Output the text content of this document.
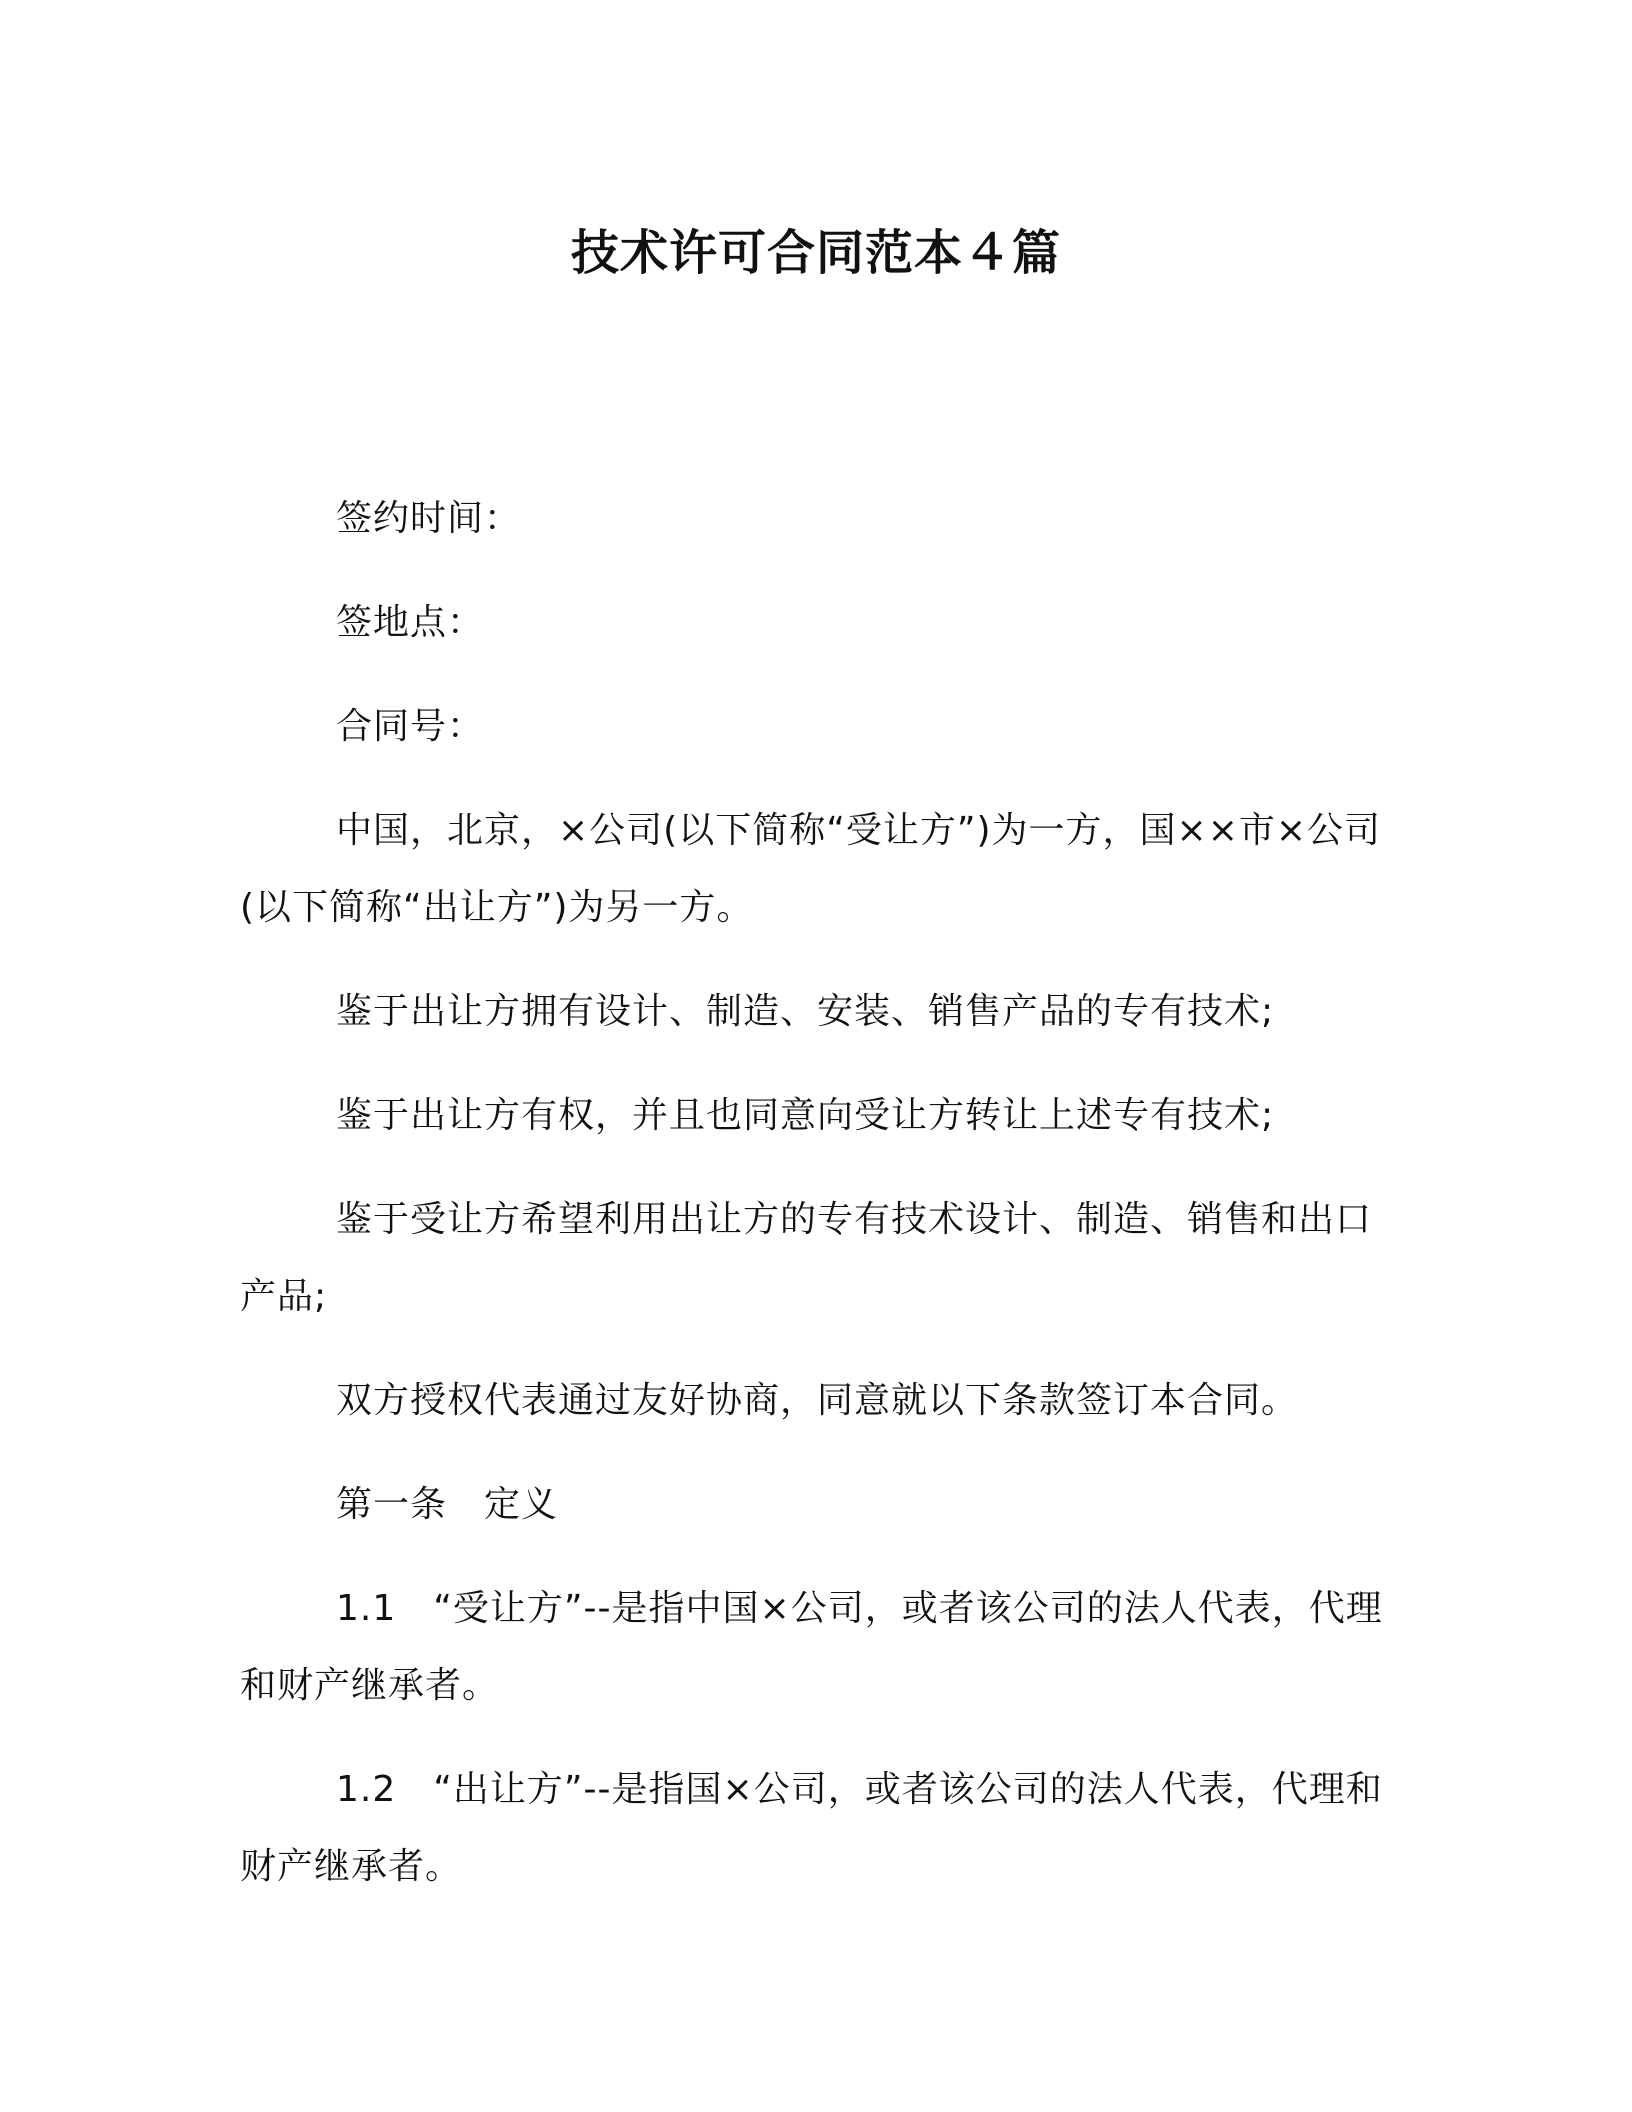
技术许可合同范本４篇

签约时间：

签地点：

合同号：

中国，北京，×公司(以下简称“受让方”)为一方，国××市×公司(以下简称“出让方”)为另一方。

鉴于出让方拥有设计、制造、安装、销售产品的专有技术;

鉴于出让方有权，并且也同意向受让方转让上述专有技术;

鉴于受让方希望利用出让方的专有技术设计、制造、销售和出口产品;

双方授权代表通过友好协商，同意就以下条款签订本合同。

第一条　定义

1.1　“受让方”--是指中国×公司，或者该公司的法人代表，代理和财产继承者。

1.2　“出让方”--是指国×公司，或者该公司的法人代表，代理和财产继承者。
